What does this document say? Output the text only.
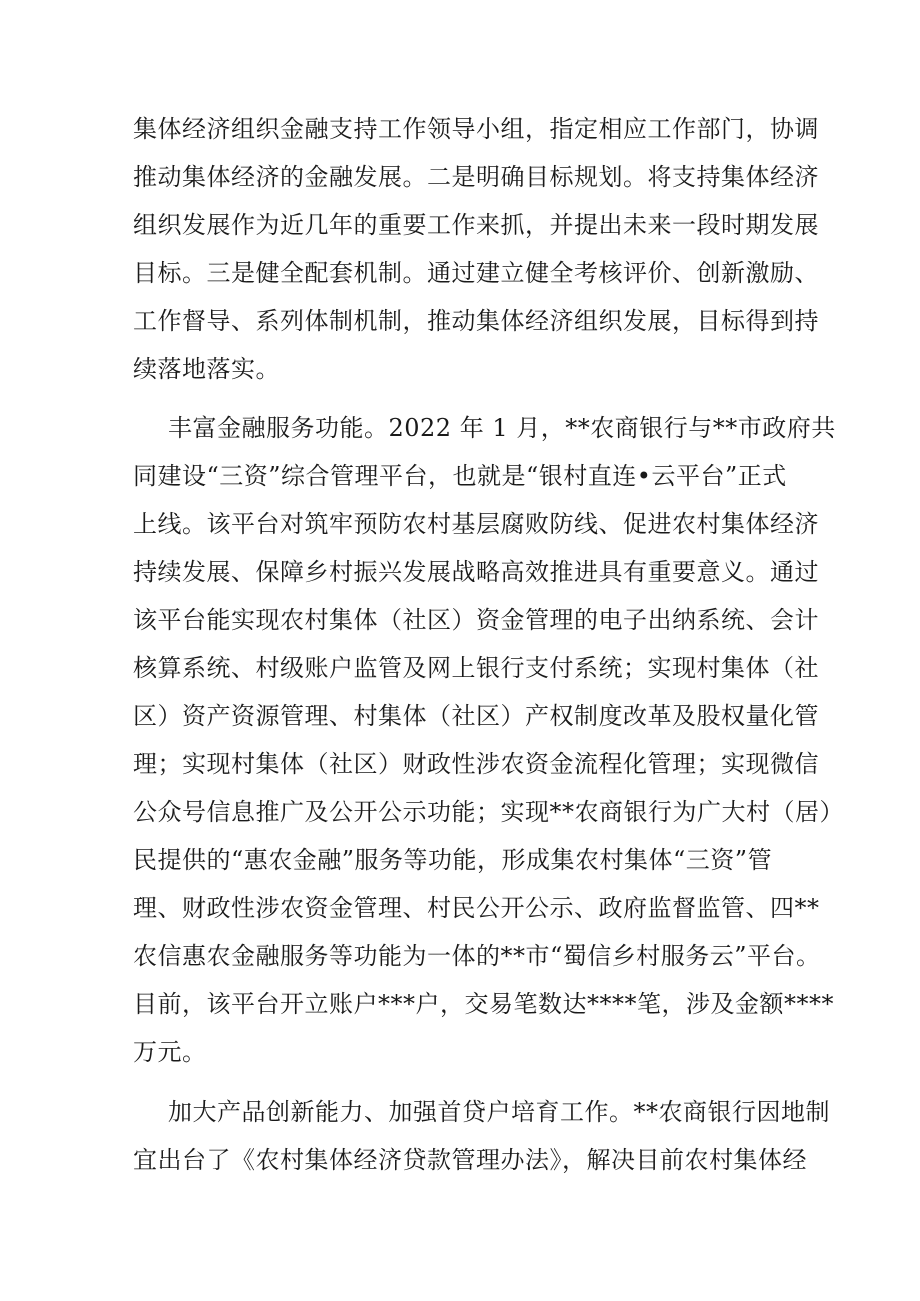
集体经济组织金融支持工作领导小组，指定相应工作部门，协调
推动集体经济的金融发展。二是明确目标规划。将支持集体经济
组织发展作为近几年的重要工作来抓，并提出未来一段时期发展
目标。三是健全配套机制。通过建立健全考核评价、创新激励、
工作督导、系列体制机制，推动集体经济组织发展，目标得到持
续落地落实。
丰富金融服务功能。2022 年 1 月，**农商银行与**市政府共
同建设“三资”综合管理平台，也就是“银村直连•云平台”正式
上线。该平台对筑牢预防农村基层腐败防线、促进农村集体经济
持续发展、保障乡村振兴发展战略高效推进具有重要意义。通过
该平台能实现农村集体（社区）资金管理的电子出纳系统、会计
核算系统、村级账户监管及网上银行支付系统；实现村集体（社
区）资产资源管理、村集体（社区）产权制度改革及股权量化管
理；实现村集体（社区）财政性涉农资金流程化管理；实现微信
公众号信息推广及公开公示功能；实现**农商银行为广大村（居）
民提供的“惠农金融”服务等功能，形成集农村集体“三资”管
理、财政性涉农资金管理、村民公开公示、政府监督监管、四**
农信惠农金融服务等功能为一体的**市“蜀信乡村服务云”平台。
目前，该平台开立账户***户，交易笔数达****笔，涉及金额****
万元。
加大产品创新能力、加强首贷户培育工作。**农商银行因地制
宜出台了《农村集体经济贷款管理办法》，解决目前农村集体经
